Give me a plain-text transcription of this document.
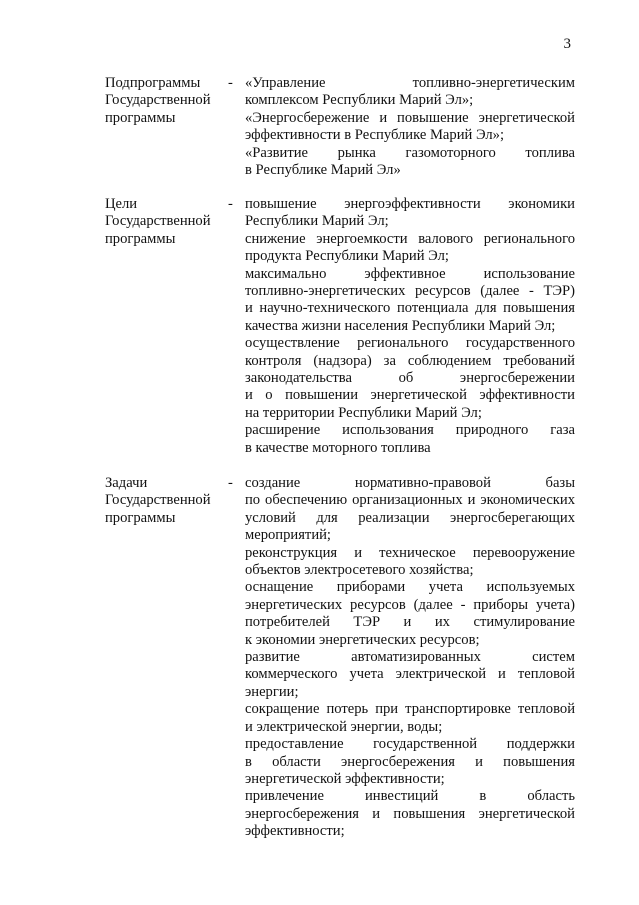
3
Подпрограммы
Государственной
программы
- «Управление топливно-энергетическим
комплексом Республики Марий Эл»;
«Энергосбережение и повышение энергетической
эффективности в Республике Марий Эл»;
«Развитие рынка газомоторного топлива
в Республике Марий Эл»
Цели
Государственной
программы
- повышение энергоэффективности экономики
Республики Марий Эл;
снижение энергоемкости валового регионального
продукта Республики Марий Эл;
максимально эффективное использование
топливно-энергетических ресурсов (далее - ТЭР)
и научно-технического потенциала для повышения
качества жизни населения Республики Марий Эл;
осуществление регионального государственного
контроля (надзора) за соблюдением требований
законодательства об энергосбережении
и о повышении энергетической эффективности
на территории Республики Марий Эл;
расширение использования природного газа
в качестве моторного топлива
Задачи
Государственной
программы
- создание нормативно-правовой базы
по обеспечению организационных и экономических
условий для реализации энергосберегающих
мероприятий;
реконструкция и техническое перевооружение
объектов электросетевого хозяйства;
оснащение приборами учета используемых
энергетических ресурсов (далее - приборы учета)
потребителей ТЭР и их стимулирование
к экономии энергетических ресурсов;
развитие автоматизированных систем
коммерческого учета электрической и тепловой
энергии;
сокращение потерь при транспортировке тепловой
и электрической энергии, воды;
предоставление государственной поддержки
в области энергосбережения и повышения
энергетической эффективности;
привлечение инвестиций в область
энергосбережения и повышения энергетической
эффективности;
